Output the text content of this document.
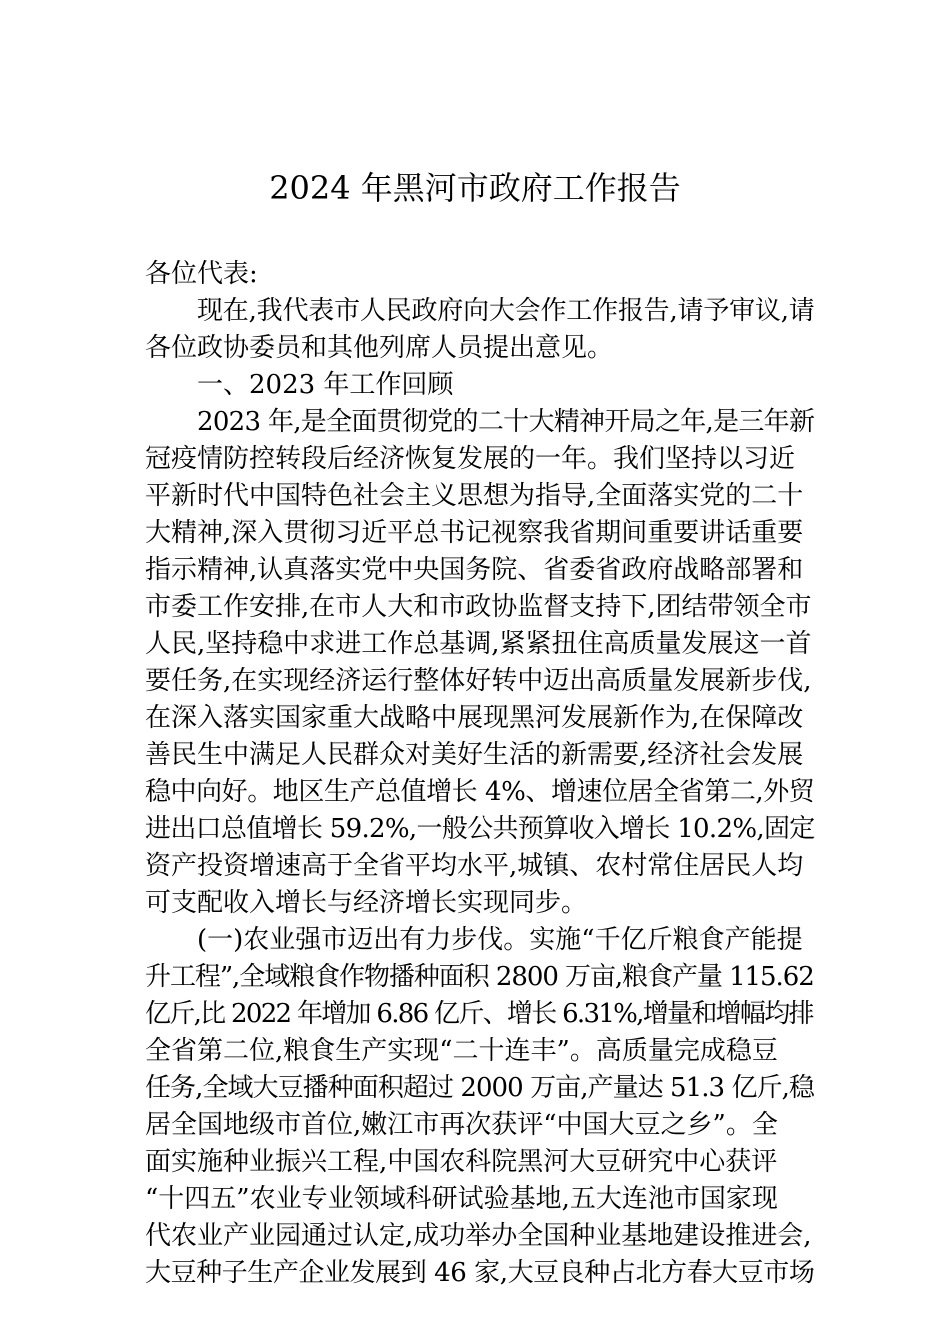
2024 年黑河市政府工作报告
各位代表:
现在,我代表市人民政府向大会作工作报告,请予审议,请
各位政协委员和其他列席人员提出意见。
一、2023 年工作回顾
2023 年,是全面贯彻党的二十大精神开局之年,是三年新
冠疫情防控转段后经济恢复发展的一年。我们坚持以习近
平新时代中国特色社会主义思想为指导,全面落实党的二十
大精神,深入贯彻习近平总书记视察我省期间重要讲话重要
指示精神,认真落实党中央国务院、省委省政府战略部署和
市委工作安排,在市人大和市政协监督支持下,团结带领全市
人民,坚持稳中求进工作总基调,紧紧扭住高质量发展这一首
要任务,在实现经济运行整体好转中迈出高质量发展新步伐,
在深入落实国家重大战略中展现黑河发展新作为,在保障改
善民生中满足人民群众对美好生活的新需要,经济社会发展
稳中向好。地区生产总值增长 4%、增速位居全省第二,外贸
进出口总值增长 59.2%,一般公共预算收入增长 10.2%,固定
资产投资增速高于全省平均水平,城镇、农村常住居民人均
可支配收入增长与经济增长实现同步。
(一)农业强市迈出有力步伐。实施“千亿斤粮食产能提
升工程”,全域粮食作物播种面积 2800 万亩,粮食产量 115.62
亿斤,比 2022 年增加 6.86 亿斤、增长 6.31%,增量和增幅均排
全省第二位,粮食生产实现“二十连丰”。高质量完成稳豆
任务,全域大豆播种面积超过 2000 万亩,产量达 51.3 亿斤,稳
居全国地级市首位,嫩江市再次获评“中国大豆之乡”。全
面实施种业振兴工程,中国农科院黑河大豆研究中心获评
“十四五”农业专业领域科研试验基地,五大连池市国家现
代农业产业园通过认定,成功举办全国种业基地建设推进会,
大豆种子生产企业发展到 46 家,大豆良种占北方春大豆市场
